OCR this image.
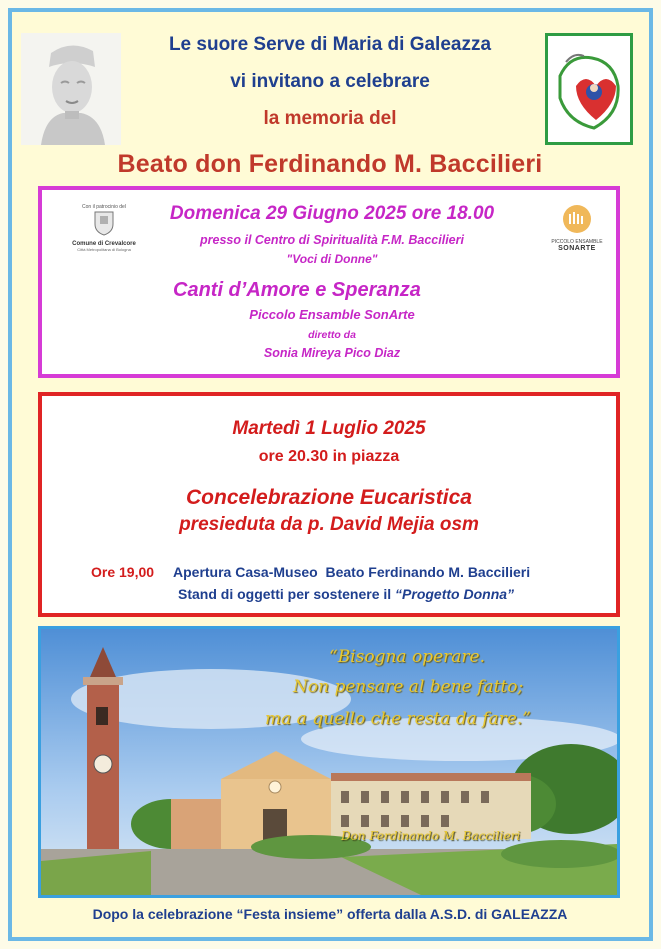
Le suore Serve di Maria di Galeazza
vi invitano a celebrare
la memoria del
Beato don Ferdinando M. Baccilieri
Con il patrocinio del
Comune di Crevalcore
Città Metropolitana di Bologna
PICCOLO ENSAMBLE
SONARTE
Domenica 29 Giugno 2025 ore 18.00
presso il Centro di Spiritualità F.M. Baccilieri
"Voci di Donne"
Canti d’Amore e Speranza
Piccolo Ensamble SonArte
diretto da
Sonia Mireya Pico Diaz
Martedì 1 Luglio 2025
ore 20.30 in piazza
Concelebrazione Eucaristica
presieduta da p. David Mejia osm
Ore 19,00 Apertura Casa-Museo  Beato Ferdinando M. Baccilieri
Stand di oggetti per sostenere il “Progetto Donna”
“Bisogna operare.
Non pensare al bene fatto;
ma a quello che resta da fare.”
Don Ferdinando M. Baccilieri
Dopo la celebrazione “Festa insieme” offerta dalla A.S.D. di GALEAZZA
